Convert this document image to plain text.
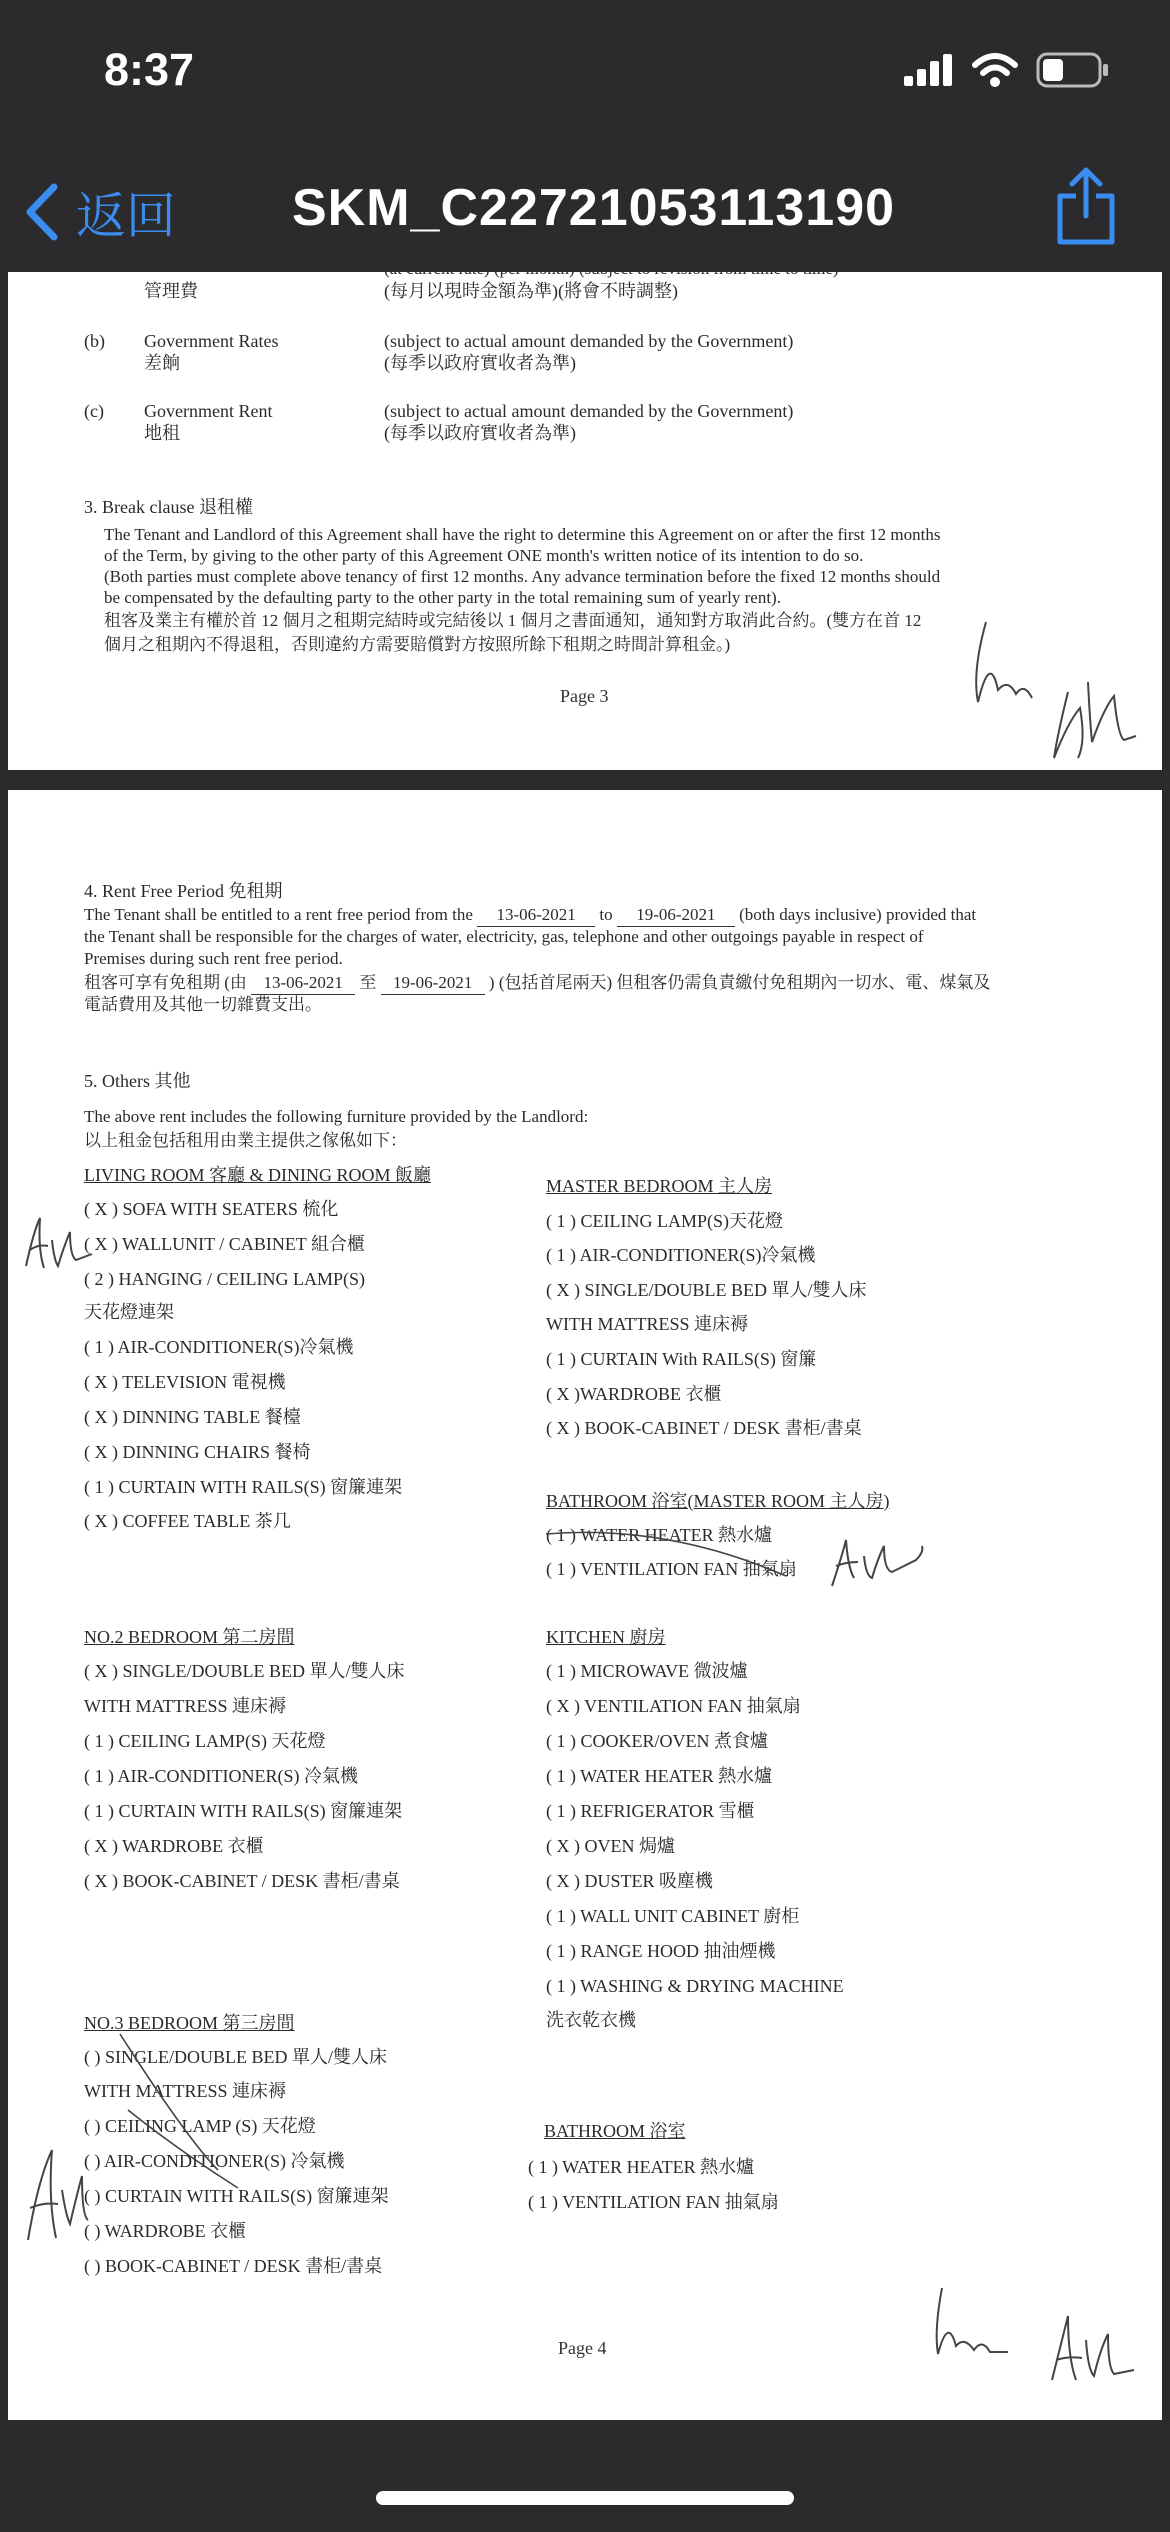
8:37
返回 SKM_C22721053113190
(at current rate) (per month) (subject to revision from time to time)
管理費	(每月以現時金額為準)(將會不時調整)
(b) Government Rates
差餉
(subject to actual amount demanded by the Government)
(每季以政府實收者為準)
(c) Government Rent
地租
(subject to actual amount demanded by the Government)
(每季以政府實收者為準)
3. Break clause 退租權
The Tenant and Landlord of this Agreement shall have the right to determine this Agreement on or after the first 12 months
of the Term, by giving to the other party of this Agreement ONE month's written notice of its intention to do so.
(Both parties must complete above tenancy of first 12 months. Any advance termination before the fixed 12 months should
be compensated by the defaulting party to the other party in the total remaining sum of yearly rent).
租客及業主有權於首 12 個月之租期完結時或完結後以 1 個月之書面通知，通知對方取消此合約。(雙方在首 12
個月之租期內不得退租，否則違約方需要賠償對方按照所餘下租期之時間計算租金。)
Page 3
4. Rent Free Period 免租期
The Tenant shall be entitled to a rent free period from the 13-06-2021 to 19-06-2021 (both days inclusive) provided that
the Tenant shall be responsible for the charges of water, electricity, gas, telephone and other outgoings payable in respect of
Premises during such rent free period.
租客可享有免租期 (由 13-06-2021 至 19-06-2021 ) (包括首尾兩天) 但租客仍需負責繳付免租期內一切水、電、煤氣及
電話費用及其他一切雜費支出。
5. Others 其他
The above rent includes the following furniture provided by the Landlord:
以上租金包括租用由業主提供之傢俬如下：
LIVING ROOM 客廳 & DINING ROOM 飯廳
( X ) SOFA WITH SEATERS 梳化
( X ) WALLUNIT / CABINET 組合櫃
( 2 ) HANGING / CEILING LAMP(S)
天花燈連架
( 1 ) AIR-CONDITIONER(S)冷氣機
( X ) TELEVISION 電視機
( X ) DINNING TABLE 餐檯
( X ) DINNING CHAIRS 餐椅
( 1 ) CURTAIN WITH RAILS(S) 窗簾連架
( X ) COFFEE TABLE 茶几
MASTER BEDROOM 主人房
( 1 ) CEILING LAMP(S)天花燈
( 1 ) AIR-CONDITIONER(S)冷氣機
( X ) SINGLE/DOUBLE BED 單人/雙人床
WITH MATTRESS 連床褥
( 1 ) CURTAIN With RAILS(S) 窗簾
( X )WARDROBE 衣櫃
( X ) BOOK-CABINET / DESK 書柜/書桌
BATHROOM 浴室(MASTER ROOM 主人房)
( 1 ) WATER HEATER 熱水爐
( 1 ) VENTILATION FAN 抽氣扇
NO.2 BEDROOM 第二房間
( X ) SINGLE/DOUBLE BED 單人/雙人床
WITH MATTRESS 連床褥
( 1 ) CEILING LAMP(S) 天花燈
( 1 ) AIR-CONDITIONER(S) 冷氣機
( 1 ) CURTAIN WITH RAILS(S) 窗簾連架
( X ) WARDROBE 衣櫃
( X ) BOOK-CABINET / DESK 書柜/書桌
KITCHEN 廚房
( 1 ) MICROWAVE 微波爐
( X ) VENTILATION FAN 抽氣扇
( 1 ) COOKER/OVEN 煮食爐
( 1 ) WATER HEATER 熱水爐
( 1 ) REFRIGERATOR 雪櫃
( X ) OVEN 焗爐
( X ) DUSTER 吸塵機
( 1 ) WALL UNIT CABINET 廚柜
( 1 ) RANGE HOOD 抽油煙機
( 1 ) WASHING & DRYING MACHINE
洗衣乾衣機
NO.3 BEDROOM 第三房間
( ) SINGLE/DOUBLE BED 單人/雙人床
WITH MATTRESS 連床褥
( ) CEILING LAMP (S) 天花燈
( ) AIR-CONDITIONER(S) 冷氣機
( ) CURTAIN WITH RAILS(S) 窗簾連架
( ) WARDROBE 衣櫃
( ) BOOK-CABINET / DESK 書柜/書桌
BATHROOM 浴室
( 1 ) WATER HEATER 熱水爐
( 1 ) VENTILATION FAN 抽氣扇
Page 4
